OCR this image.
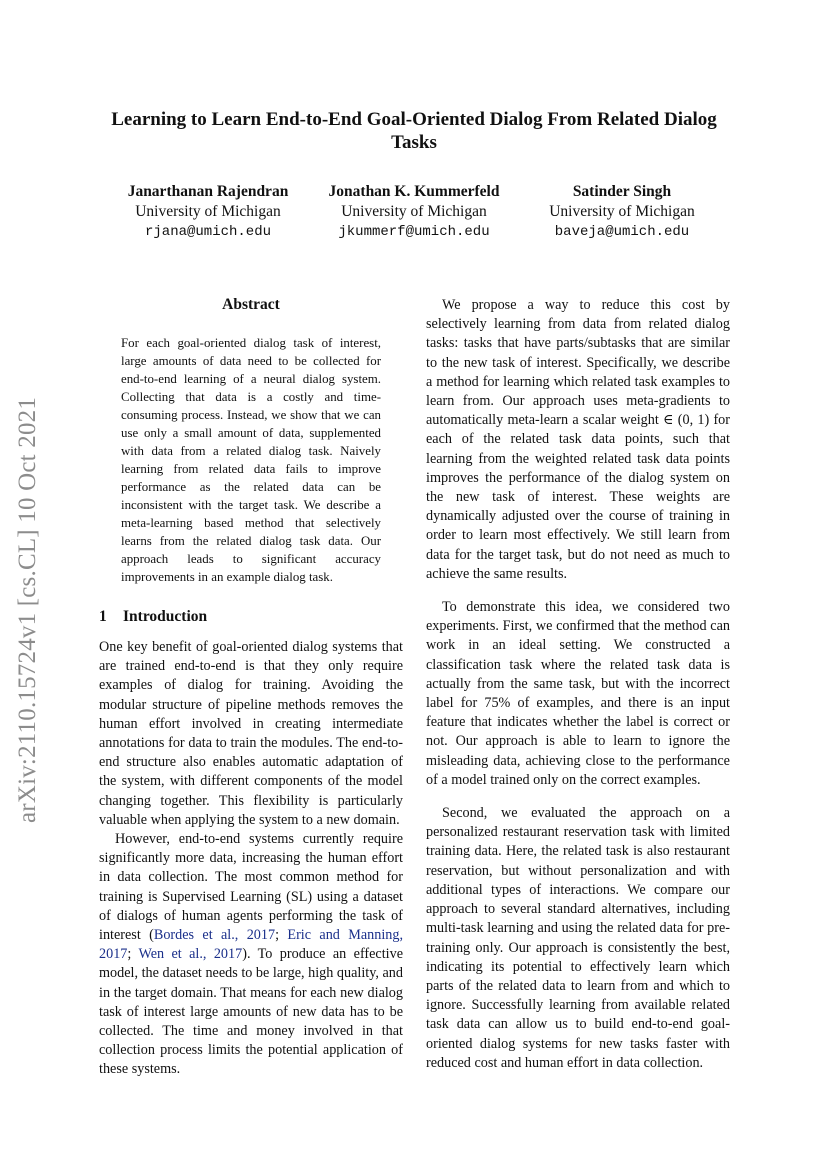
arXiv:2110.15724v1 [cs.CL] 10 Oct 2021
Learning to Learn End-to-End Goal-Oriented Dialog From Related Dialog Tasks
Janarthanan Rajendran
University of Michigan
rjana@umich.edu
Jonathan K. Kummerfeld
University of Michigan
jkummerf@umich.edu
Satinder Singh
University of Michigan
baveja@umich.edu
Abstract
For each goal-oriented dialog task of interest, large amounts of data need to be collected for end-to-end learning of a neural dialog system. Collecting that data is a costly and time-consuming process. Instead, we show that we can use only a small amount of data, supplemented with data from a related dialog task. Naively learning from related data fails to improve performance as the related data can be inconsistent with the target task. We describe a meta-learning based method that selectively learns from the related dialog task data. Our approach leads to significant accuracy improvements in an example dialog task.
1 Introduction

One key benefit of goal-oriented dialog systems that are trained end-to-end is that they only require examples of dialog for training. Avoiding the modular structure of pipeline methods removes the human effort involved in creating intermediate annotations for data to train the modules. The end-to-end structure also enables automatic adaptation of the system, with different components of the model changing together. This flexibility is particularly valuable when applying the system to a new domain.

However, end-to-end systems currently require significantly more data, increasing the human effort in data collection. The most common method for training is Supervised Learning (SL) using a dataset of dialogs of human agents performing the task of interest (Bordes et al., 2017; Eric and Manning, 2017; Wen et al., 2017). To produce an effective model, the dataset needs to be large, high quality, and in the target domain. That means for each new dialog task of interest large amounts of new data has to be collected. The time and money involved in that collection process limits the potential application of these systems.

We propose a way to reduce this cost by selectively learning from data from related dialog tasks: tasks that have parts/subtasks that are similar to the new task of interest. Specifically, we describe a method for learning which related task examples to learn from. Our approach uses meta-gradients to automatically meta-learn a scalar weight ∈ (0, 1) for each of the related task data points, such that learning from the weighted related task data points improves the performance of the dialog system on the new task of interest. These weights are dynamically adjusted over the course of training in order to learn most effectively. We still learn from data for the target task, but do not need as much to achieve the same results.

To demonstrate this idea, we considered two experiments. First, we confirmed that the method can work in an ideal setting. We constructed a classification task where the related task data is actually from the same task, but with the incorrect label for 75% of examples, and there is an input feature that indicates whether the label is correct or not. Our approach is able to learn to ignore the misleading data, achieving close to the performance of a model trained only on the correct examples.

Second, we evaluated the approach on a personalized restaurant reservation task with limited training data. Here, the related task is also restaurant reservation, but without personalization and with additional types of interactions. We compare our approach to several standard alternatives, including multi-task learning and using the related data for pre-training only. Our approach is consistently the best, indicating its potential to effectively learn which parts of the related data to learn from and which to ignore. Successfully learning from available related task data can allow us to build end-to-end goal-oriented dialog systems for new tasks faster with reduced cost and human effort in data collection.
